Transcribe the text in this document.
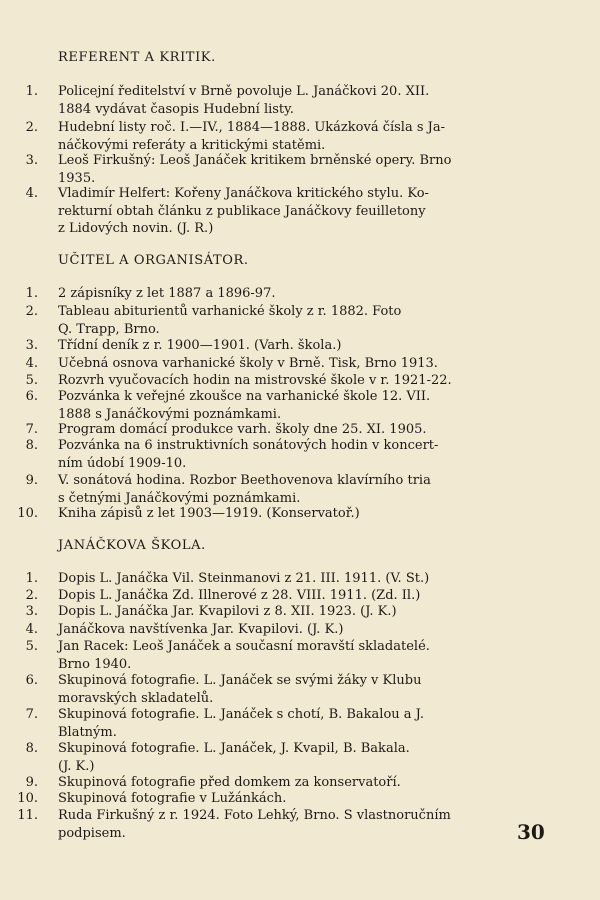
REFERENT A KRITIK.
1. Policejní ředitelství v Brně povoluje L. Janáčkovi 20. XII.
1884 vydávat časopis Hudební listy.
2. Hudební listy roč. I.—IV., 1884—1888. Ukázková čísla s Ja-
náčkovými referáty a kritickými statěmi.
3. Leoš Firkušný: Leoš Janáček kritikem brněnské opery. Brno
1935.
4. Vladimír Helfert: Kořeny Janáčkova kritického stylu. Ko-
rekturní obtah článku z publikace Janáčkovy feuilletony
z Lidových novin. (J. R.)
UČITEL A ORGANISÁTOR.
1. 2 zápisníky z let 1887 a 1896-97.
2. Tableau abiturientů varhanické školy z r. 1882. Foto
Q. Trapp, Brno.
3. Třídní deník z r. 1900—1901. (Varh. škola.)
4. Učebná osnova varhanické školy v Brně. Tisk, Brno 1913.
5. Rozvrh vyučovacích hodin na mistrovské škole v r. 1921-22.
6. Pozvánka k veřejné zkoušce na varhanické škole 12. VII.
1888 s Janáčkovými poznámkami.
7. Program domácí produkce varh. školy dne 25. XI. 1905.
8. Pozvánka na 6 instruktivních sonátových hodin v koncert-
ním údobí 1909-10.
9. V. sonátová hodina. Rozbor Beethovenova klavírního tria
s četnými Janáčkovými poznámkami.
10. Kniha zápisů z let 1903—1919. (Konservatoř.)
JANÁČKOVA ŠKOLA.
1. Dopis L. Janáčka Vil. Steinmanovi z 21. III. 1911. (V. St.)
2. Dopis L. Janáčka Zd. Illnerové z 28. VIII. 1911. (Zd. Il.)
3. Dopis L. Janáčka Jar. Kvapilovi z 8. XII. 1923. (J. K.)
4. Janáčkova navštívenka Jar. Kvapilovi. (J. K.)
5. Jan Racek: Leoš Janáček a současní moravští skladatelé.
Brno 1940.
6. Skupinová fotografie. L. Janáček se svými žáky v Klubu
moravských skladatelů.
7. Skupinová fotografie. L. Janáček s chotí, B. Bakalou a J.
Blatným.
8. Skupinová fotografie. L. Janáček, J. Kvapil, B. Bakala.
(J. K.)
9. Skupinová fotografie před domkem za konservatoří.
10. Skupinová fotografie v Lužánkách.
11. Ruda Firkušný z r. 1924. Foto Lehký, Brno. S vlastnoručním
podpisem.	30
